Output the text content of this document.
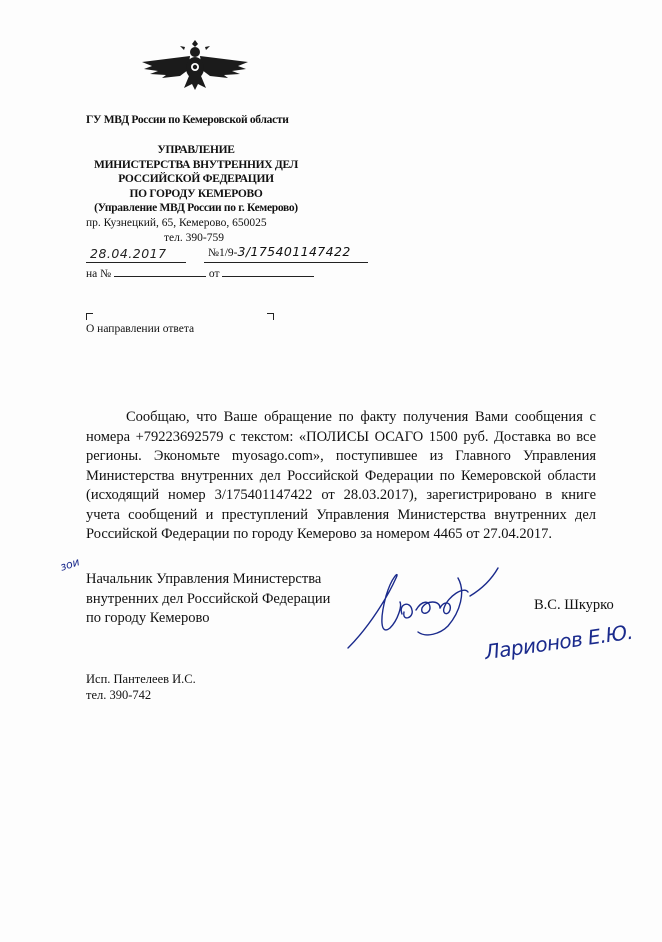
ГУ МВД России по Кемеровской области
УПРАВЛЕНИЕ
МИНИСТЕРСТВА ВНУТРЕННИХ ДЕЛ
РОССИЙСКОЙ ФЕДЕРАЦИИ
ПО ГОРОДУ КЕМЕРОВО
(Управление МВД России по г. Кемерово)
пр. Кузнецкий, 65, Кемерово, 650025
тел. 390-759
28.04.2017	№1/9-3/175401147422
на №	от
О направлении ответа
Сообщаю, что Ваше обращение по факту получения Вами сообщения с номера +79223692579 с текстом: «ПОЛИСЫ ОСАГО 1500 руб. Доставка во все регионы. Экономьте myosago.com», поступившее из Главного Управления Министерства внутренних дел Российской Федерации по Кемеровской области (исходящий номер 3/175401147422 от 28.03.2017), зарегистрировано в книге учета сообщений и преступлений Управления Министерства внутренних дел Российской Федерации по городу Кемерово за номером 4465 от 27.04.2017.
зои
Начальник Управления Министерства
внутренних дел Российской Федерации
по городу Кемерово
В.С. Шкурко
Ларионов Е.Ю.
Исп. Пантелеев И.С.
тел. 390-742
